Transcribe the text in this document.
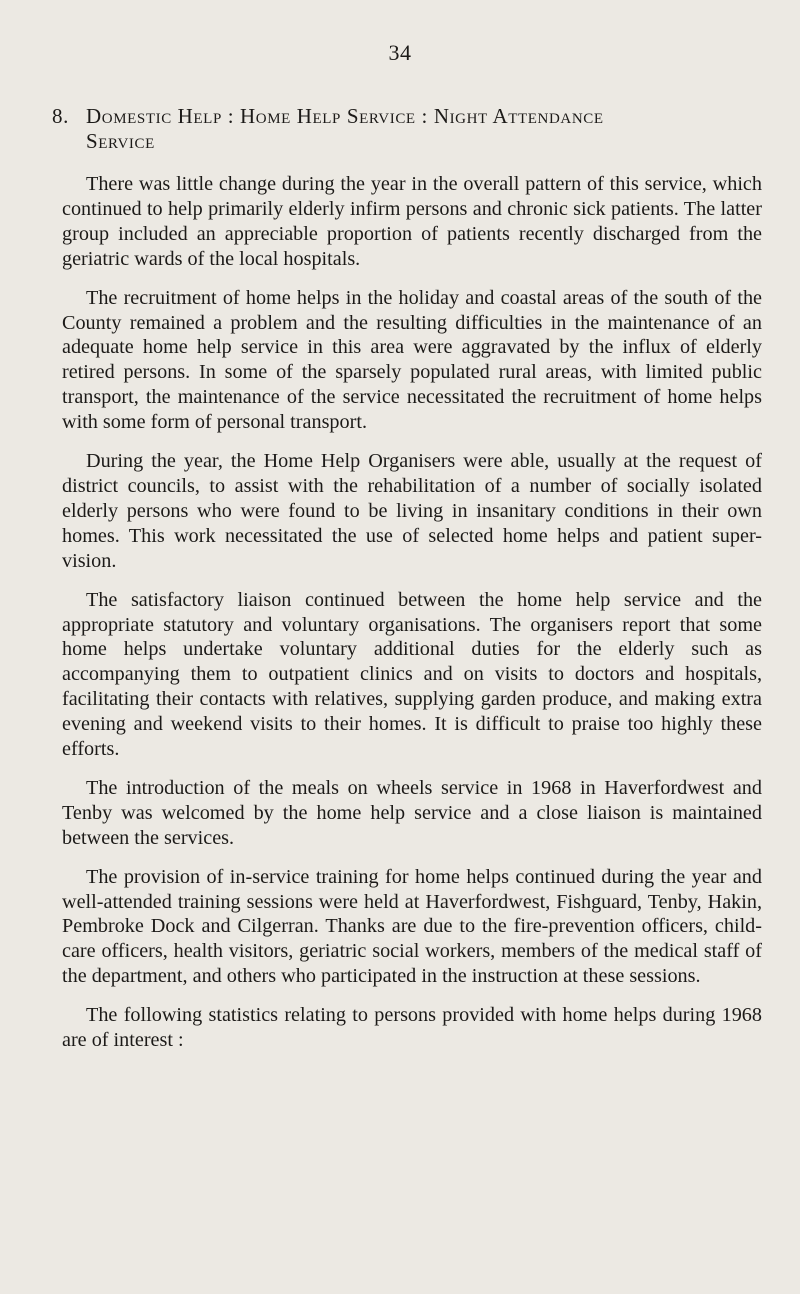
34
8. Domestic Help : Home Help Service : Night Attendance
Service

There was little change during the year in the overall pattern of this service, which continued to help primarily elderly infirm persons and chronic sick patients. The latter group included an appreciable proportion of patients recently discharged from the geriatric wards of the local hospitals.

The recruitment of home helps in the holiday and coastal areas of the south of the County remained a problem and the resulting difficulties in the maintenance of an adequate home help service in this area were aggravated by the influx of elderly retired persons. In some of the sparsely populated rural areas, with limited public transport, the maintenance of the service necessitated the recruitment of home helps with some form of personal transport.

During the year, the Home Help Organisers were able, usually at the request of district councils, to assist with the rehabilitation of a number of socially isolated elderly persons who were found to be living in insanitary conditions in their own homes. This work necessitated the use of selected home helps and patient super-vision.

The satisfactory liaison continued between the home help service and the appropriate statutory and voluntary organisations. The organisers report that some home helps undertake voluntary additional duties for the elderly such as accompanying them to outpatient clinics and on visits to doctors and hospitals, facilitating their contacts with relatives, supplying garden produce, and making extra evening and weekend visits to their homes. It is difficult to praise too highly these efforts.

The introduction of the meals on wheels service in 1968 in Haverfordwest and Tenby was welcomed by the home help service and a close liaison is maintained between the services.

The provision of in-service training for home helps continued during the year and well-attended training sessions were held at Haverfordwest, Fishguard, Tenby, Hakin, Pembroke Dock and Cilgerran. Thanks are due to the fire-prevention officers, child-care officers, health visitors, geriatric social workers, members of the medical staff of the department, and others who participated in the instruction at these sessions.

The following statistics relating to persons provided with home helps during 1968 are of interest :
